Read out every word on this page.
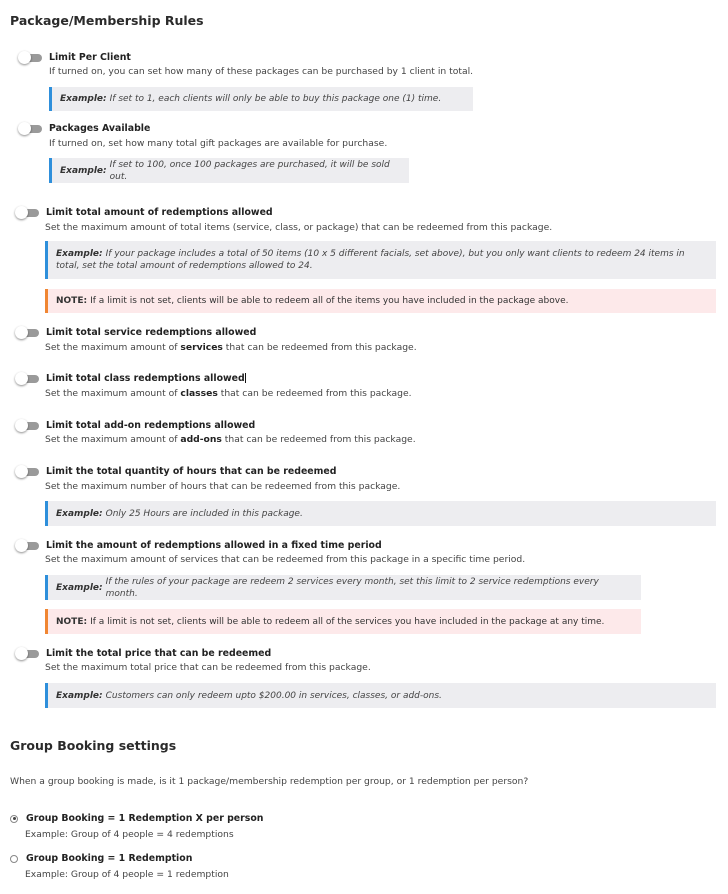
Package/Membership Rules
Limit Per Client
If turned on, you can set how many of these packages can be purchased by 1 client in total.
Example: If set to 1, each clients will only be able to buy this package one (1) time.
Packages Available
If turned on, set how many total gift packages are available for purchase.
Example:
If set to 100, once 100 packages are purchased, it will be sold out.
Limit total amount of redemptions allowed
Set the maximum amount of total items (service, class, or package) that can be redeemed from this package.
Example: If your package includes a total of 50 items (10 x 5 different facials, set above), but you only want clients to redeem 24 items in
total, set the total amount of redemptions allowed to 24.
NOTE: If a limit is not set, clients will be able to redeem all of the items you have included in the package above.
Limit total service redemptions allowed
Set the maximum amount of services that can be redeemed from this package.
Limit total class redemptions allowed
Set the maximum amount of classes that can be redeemed from this package.
Limit total add-on redemptions allowed
Set the maximum amount of add-ons that can be redeemed from this package.
Limit the total quantity of hours that can be redeemed
Set the maximum number of hours that can be redeemed from this package.
Example: Only 25 Hours are included in this package.
Limit the amount of redemptions allowed in a fixed time period
Set the maximum amount of services that can be redeemed from this package in a specific time period.
Example:
If the rules of your package are redeem 2 services every month, set this limit to 2 service redemptions every month.
NOTE: If a limit is not set, clients will be able to redeem all of the services you have included in the package at any time.
Limit the total price that can be redeemed
Set the maximum total price that can be redeemed from this package.
Example: Customers can only redeem upto $200.00 in services, classes, or add-ons.
Group Booking settings
When a group booking is made, is it 1 package/membership redemption per group, or 1 redemption per person?
Group Booking = 1 Redemption X per person
Example: Group of 4 people = 4 redemptions
Group Booking = 1 Redemption
Example: Group of 4 people = 1 redemption
